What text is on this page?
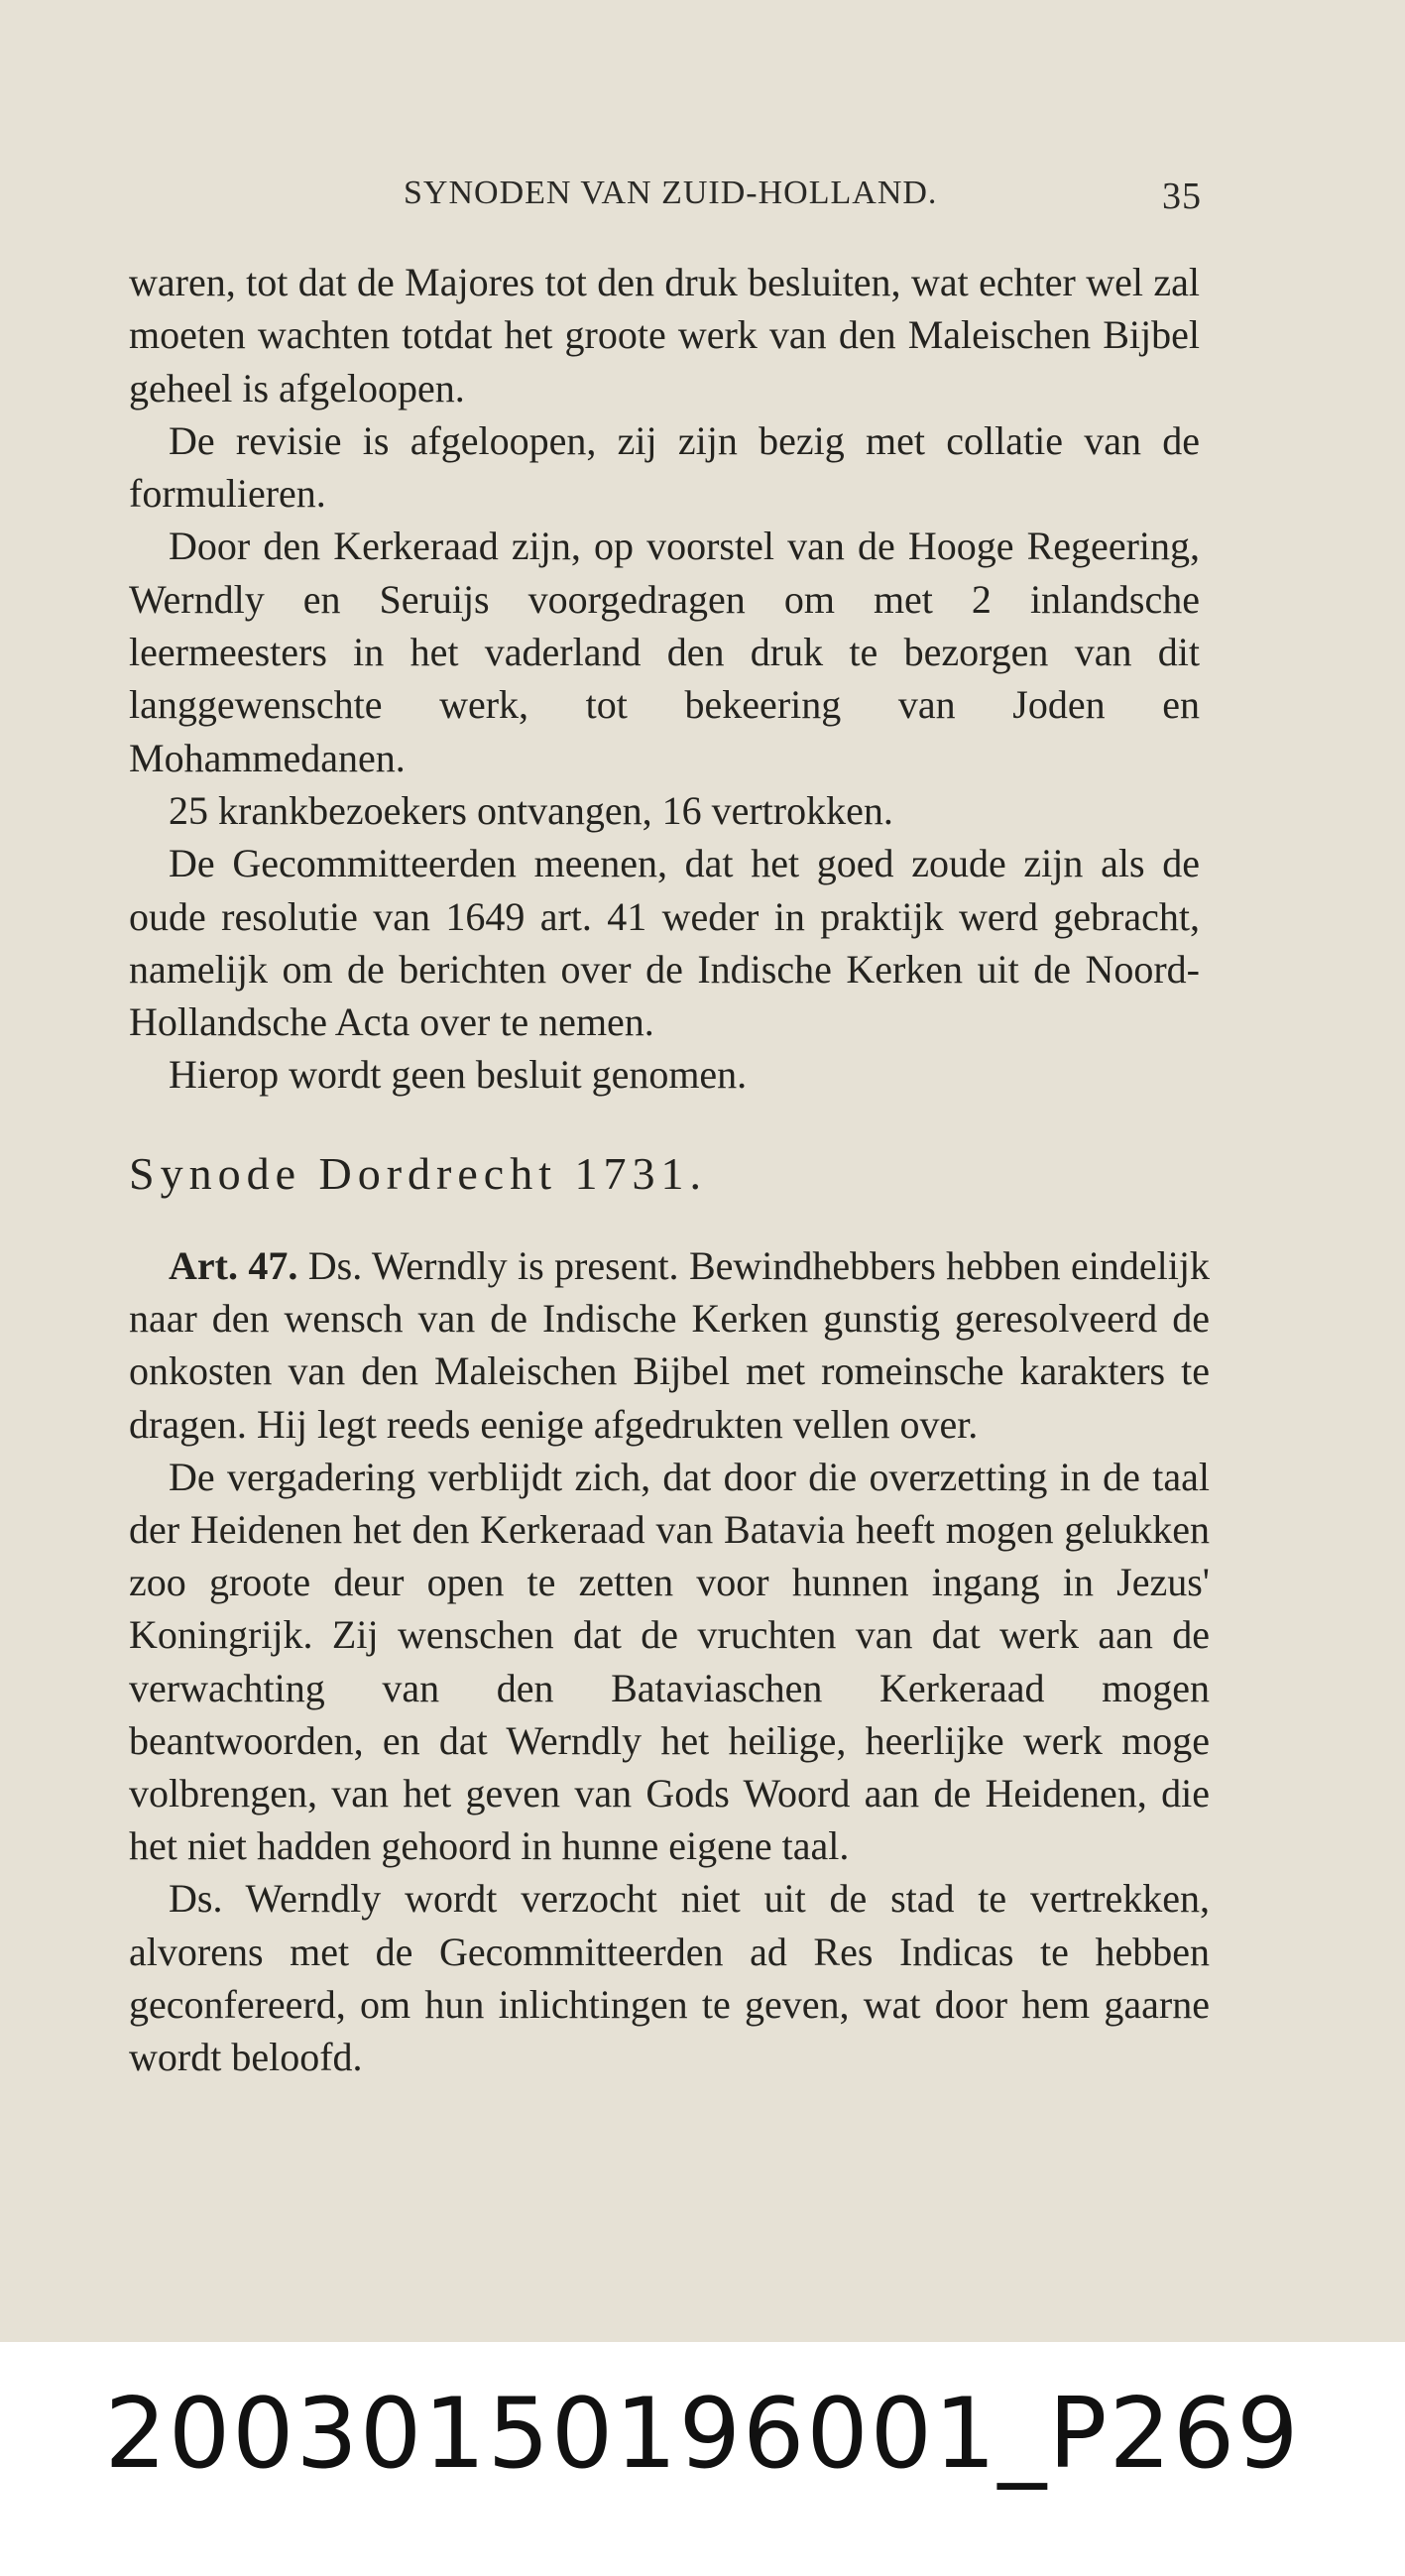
SYNODEN VAN ZUID-HOLLAND.	35

waren, tot dat de Majores tot den druk besluiten, wat echter wel zal moeten wachten totdat het groote werk van den Maleischen Bijbel geheel is afgeloopen.

De revisie is afgeloopen, zij zijn bezig met collatie van de formulieren.

Door den Kerkeraad zijn, op voorstel van de Hooge Regeering, Werndly en Seruijs voorgedragen om met 2 inlandsche leermeesters in het vaderland den druk te bezorgen van dit langgewenschte werk, tot bekeering van Joden en Mohammedanen.

25 krankbezoekers ontvangen, 16 vertrokken.

De Gecommitteerden meenen, dat het goed zoude zijn als de oude resolutie van 1649 art. 41 weder in praktijk werd gebracht, namelijk om de berichten over de Indische Kerken uit de Noord-Hollandsche Acta over te nemen.

Hierop wordt geen besluit genomen.

Synode Dordrecht 1731.

Art. 47. Ds. Werndly is present. Bewindhebbers hebben eindelijk naar den wensch van de Indische Kerken gunstig geresolveerd de onkosten van den Maleischen Bijbel met romeinsche karakters te dragen. Hij legt reeds eenige afgedrukten vellen over.

De vergadering verblijdt zich, dat door die overzetting in de taal der Heidenen het den Kerkeraad van Batavia heeft mogen gelukken zoo groote deur open te zetten voor hunnen ingang in Jezus' Koningrijk. Zij wenschen dat de vruchten van dat werk aan de verwachting van den Bataviaschen Kerkeraad mogen beantwoorden, en dat Werndly het heilige, heerlijke werk moge volbrengen, van het geven van Gods Woord aan de Heidenen, die het niet hadden gehoord in hunne eigene taal.

Ds. Werndly wordt verzocht niet uit de stad te vertrekken, alvorens met de Gecommitteerden ad Res Indicas te hebben geconfereerd, om hun inlichtingen te geven, wat door hem gaarne wordt beloofd.

20030150196001_P269
